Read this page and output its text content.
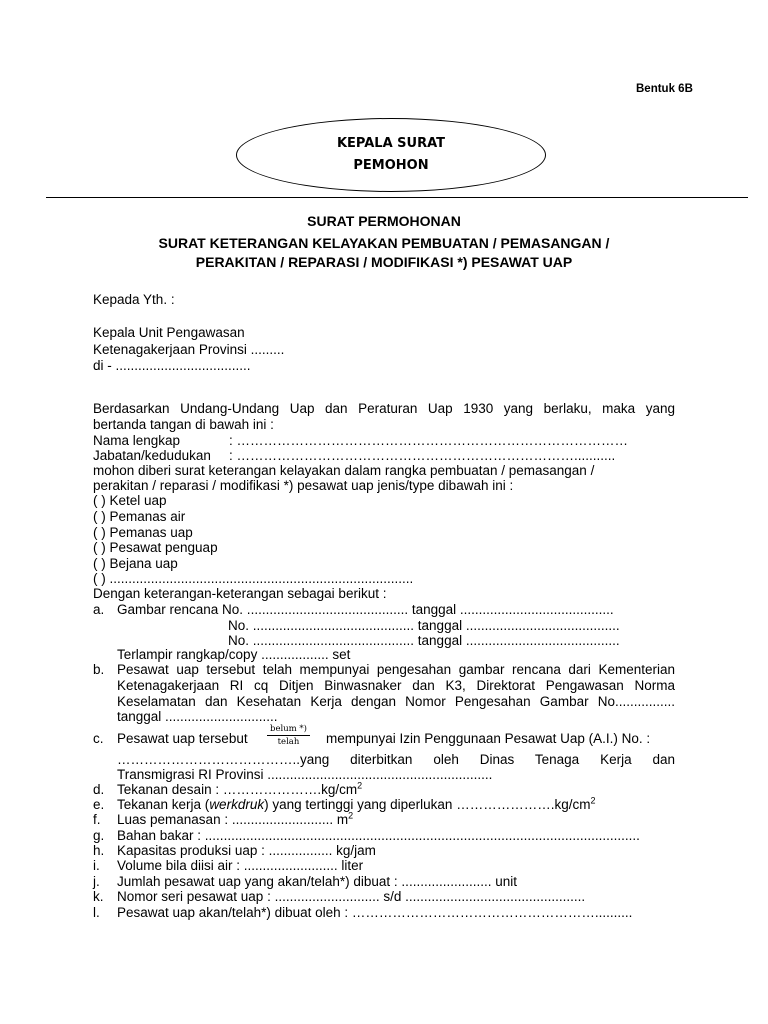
Bentuk 6B
KEPALA SURAT
PEMOHON
SURAT PERMOHONAN
SURAT KETERANGAN KELAYAKAN PEMBUATAN / PEMASANGAN /
PERAKITAN / REPARASI / MODIFIKASI *) PESAWAT UAP
Kepada Yth. :
Kepala Unit Pengawasan
Ketenagakerjaan Provinsi .........
di - ....................................
Berdasarkan Undang-Undang Uap dan Peraturan Uap 1930 yang berlaku, maka yang
bertanda tangan di bawah ini :
Nama lengkap	: ……………………………………………………………………………
Jabatan/kedudukan : …………………………………………………………………...........
mohon diberi surat keterangan kelayakan dalam rangka pembuatan / pemasangan /
perakitan / reparasi / modifikasi *) pesawat uap jenis/type dibawah ini :
( ) Ketel uap
( ) Pemanas air
( ) Pemanas uap
( ) Pesawat penguap
( ) Bejana uap
( ) .................................................................................
Dengan keterangan-keterangan sebagai berikut :
a. Gambar rencana No. ........................................... tanggal .........................................
No. ........................................... tanggal .........................................
No. ........................................... tanggal .........................................
Terlampir rangkap/copy .................. set
b. Pesawat uap tersebut telah mempunyai pengesahan gambar rencana dari Kementerian
Ketenagakerjaan RI cq Ditjen Binwasnaker dan K3, Direktorat Pengawasan Norma
Keselamatan dan Kesehatan Kerja dengan Nomor Pengesahan Gambar No................
tanggal ..............................
c. Pesawat uap tersebut
belum *)
telah	mempunyai Izin Penggunaan Pesawat Uap (A.I.) No. :
…………………………………..yang diterbitkan oleh Dinas Tenaga Kerja dan
Transmigrasi RI Provinsi ............................................................
d. Tekanan desain : $\dots\dots\dots\dots\dots\dots\dots.kg/cm^2$
e. Tekanan kerja (werkdruk) yang tertinggi yang diperlukan $\dots\dots\dots\dots\dots\dots\dots.kg/cm^2$
f. Luas pemanasan : ........................... $m^2$
g. Bahan bakar : ....................................................................................................................
h. Kapasitas produksi uap : ................. kg/jam
i. Volume bila diisi air : ......................... liter
j. Jumlah pesawat uap yang akan/telah*) dibuat : ........................ unit
k. Nomor seri pesawat uap : ............................ s/d ................................................
l. Pesawat uap akan/telah*) dibuat oleh : ………………………………………………..........
